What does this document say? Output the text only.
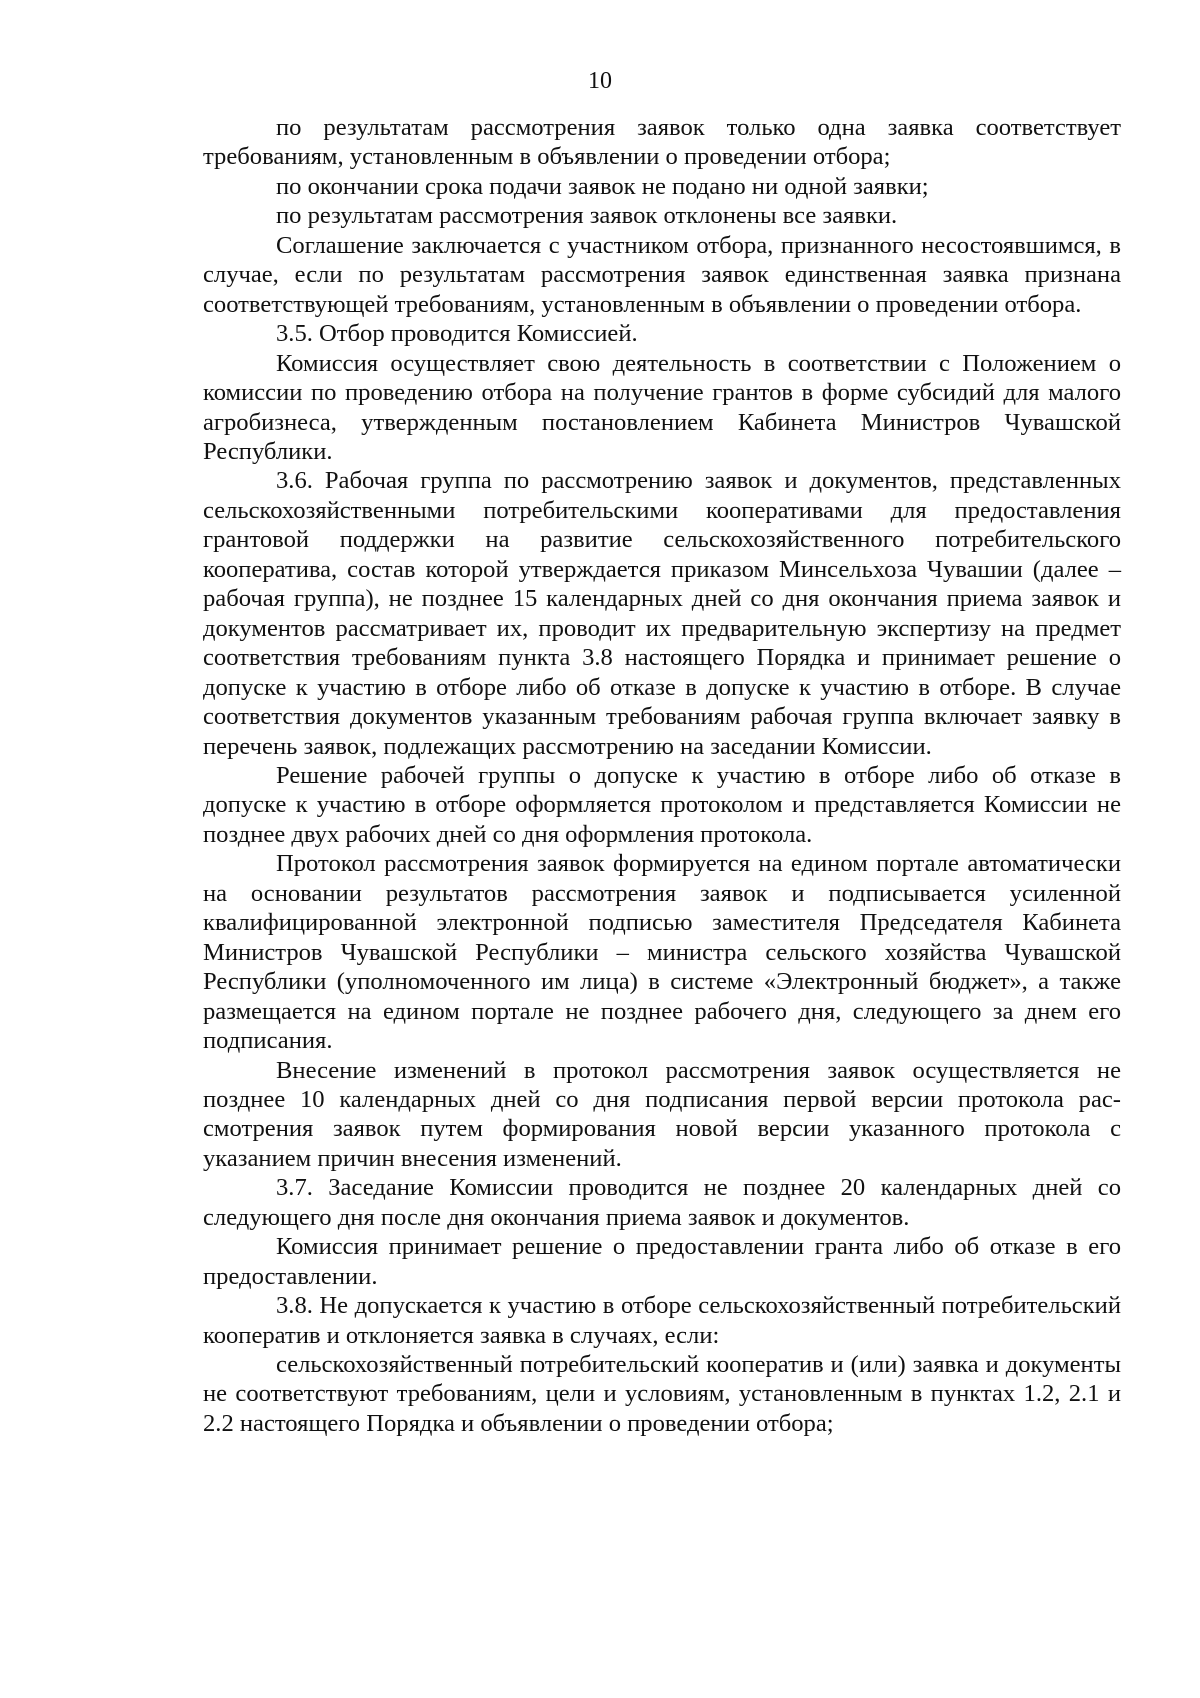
10

по результатам рассмотрения заявок только одна заявка соответствует требованиям, установленным в объявлении о проведении отбора;

по окончании срока подачи заявок не подано ни одной заявки;

по результатам рассмотрения заявок отклонены все заявки.

Соглашение заключается с участником отбора, признанного несостоявшимся, в случае, если по результатам рассмотрения заявок единственная заявка признана соответствующей требованиям, установленным в объявлении о проведении отбора.

3.5. Отбор проводится Комиссией.

Комиссия осуществляет свою деятельность в соответствии с Положением о комиссии по проведению отбора на получение грантов в форме субсидий для малого агробизнеса, утвержденным постановлением Кабинета Министров Чувашской Республики.

3.6. Рабочая группа по рассмотрению заявок и документов, представленных сельскохозяйственными потребительскими кооперативами для предоставления грантовой поддержки на развитие сельскохозяйственного потребительского кооператива, состав которой утверждается приказом Минсельхоза Чувашии (далее – рабочая группа), не позднее 15 календарных дней со дня окончания приема заявок и документов рассматривает их, проводит их предварительную экспертизу на предмет соответствия требованиям пункта 3.8 настоящего Порядка и принимает решение о допуске к участию в отборе либо об отказе в допуске к участию в отборе. В случае соответствия документов указанным требованиям рабочая группа включает заявку в перечень заявок, подлежащих рассмотрению на заседании Комиссии.

Решение рабочей группы о допуске к участию в отборе либо об отказе в допуске к участию в отборе оформляется протоколом и представляется Комиссии не позднее двух рабочих дней со дня оформления протокола.

Протокол рассмотрения заявок формируется на едином портале автоматически на основании результатов рассмотрения заявок и подписывается усиленной квалифицированной электронной подписью заместителя Председателя Кабинета Министров Чувашской Республики – министра сельского хозяйства Чувашской Республики (уполномоченного им лица) в системе «Электронный бюджет», а также размещается на едином портале не позднее рабочего дня, следующего за днем его подписания.

Внесение изменений в протокол рассмотрения заявок осуществляется не позднее 10 календарных дней со дня подписания первой версии протокола рассмотрения заявок путем формирования новой версии указанного протокола с указанием причин внесения изменений.

3.7. Заседание Комиссии проводится не позднее 20 календарных дней со следующего дня после дня окончания приема заявок и документов.

Комиссия принимает решение о предоставлении гранта либо об отказе в его предоставлении.

3.8. Не допускается к участию в отборе сельскохозяйственный потребительский кооператив и отклоняется заявка в случаях, если:

сельскохозяйственный потребительский кооператив и (или) заявка и документы не соответствуют требованиям, цели и условиям, установленным в пунктах 1.2, 2.1 и 2.2 настоящего Порядка и объявлении о проведении отбора;
